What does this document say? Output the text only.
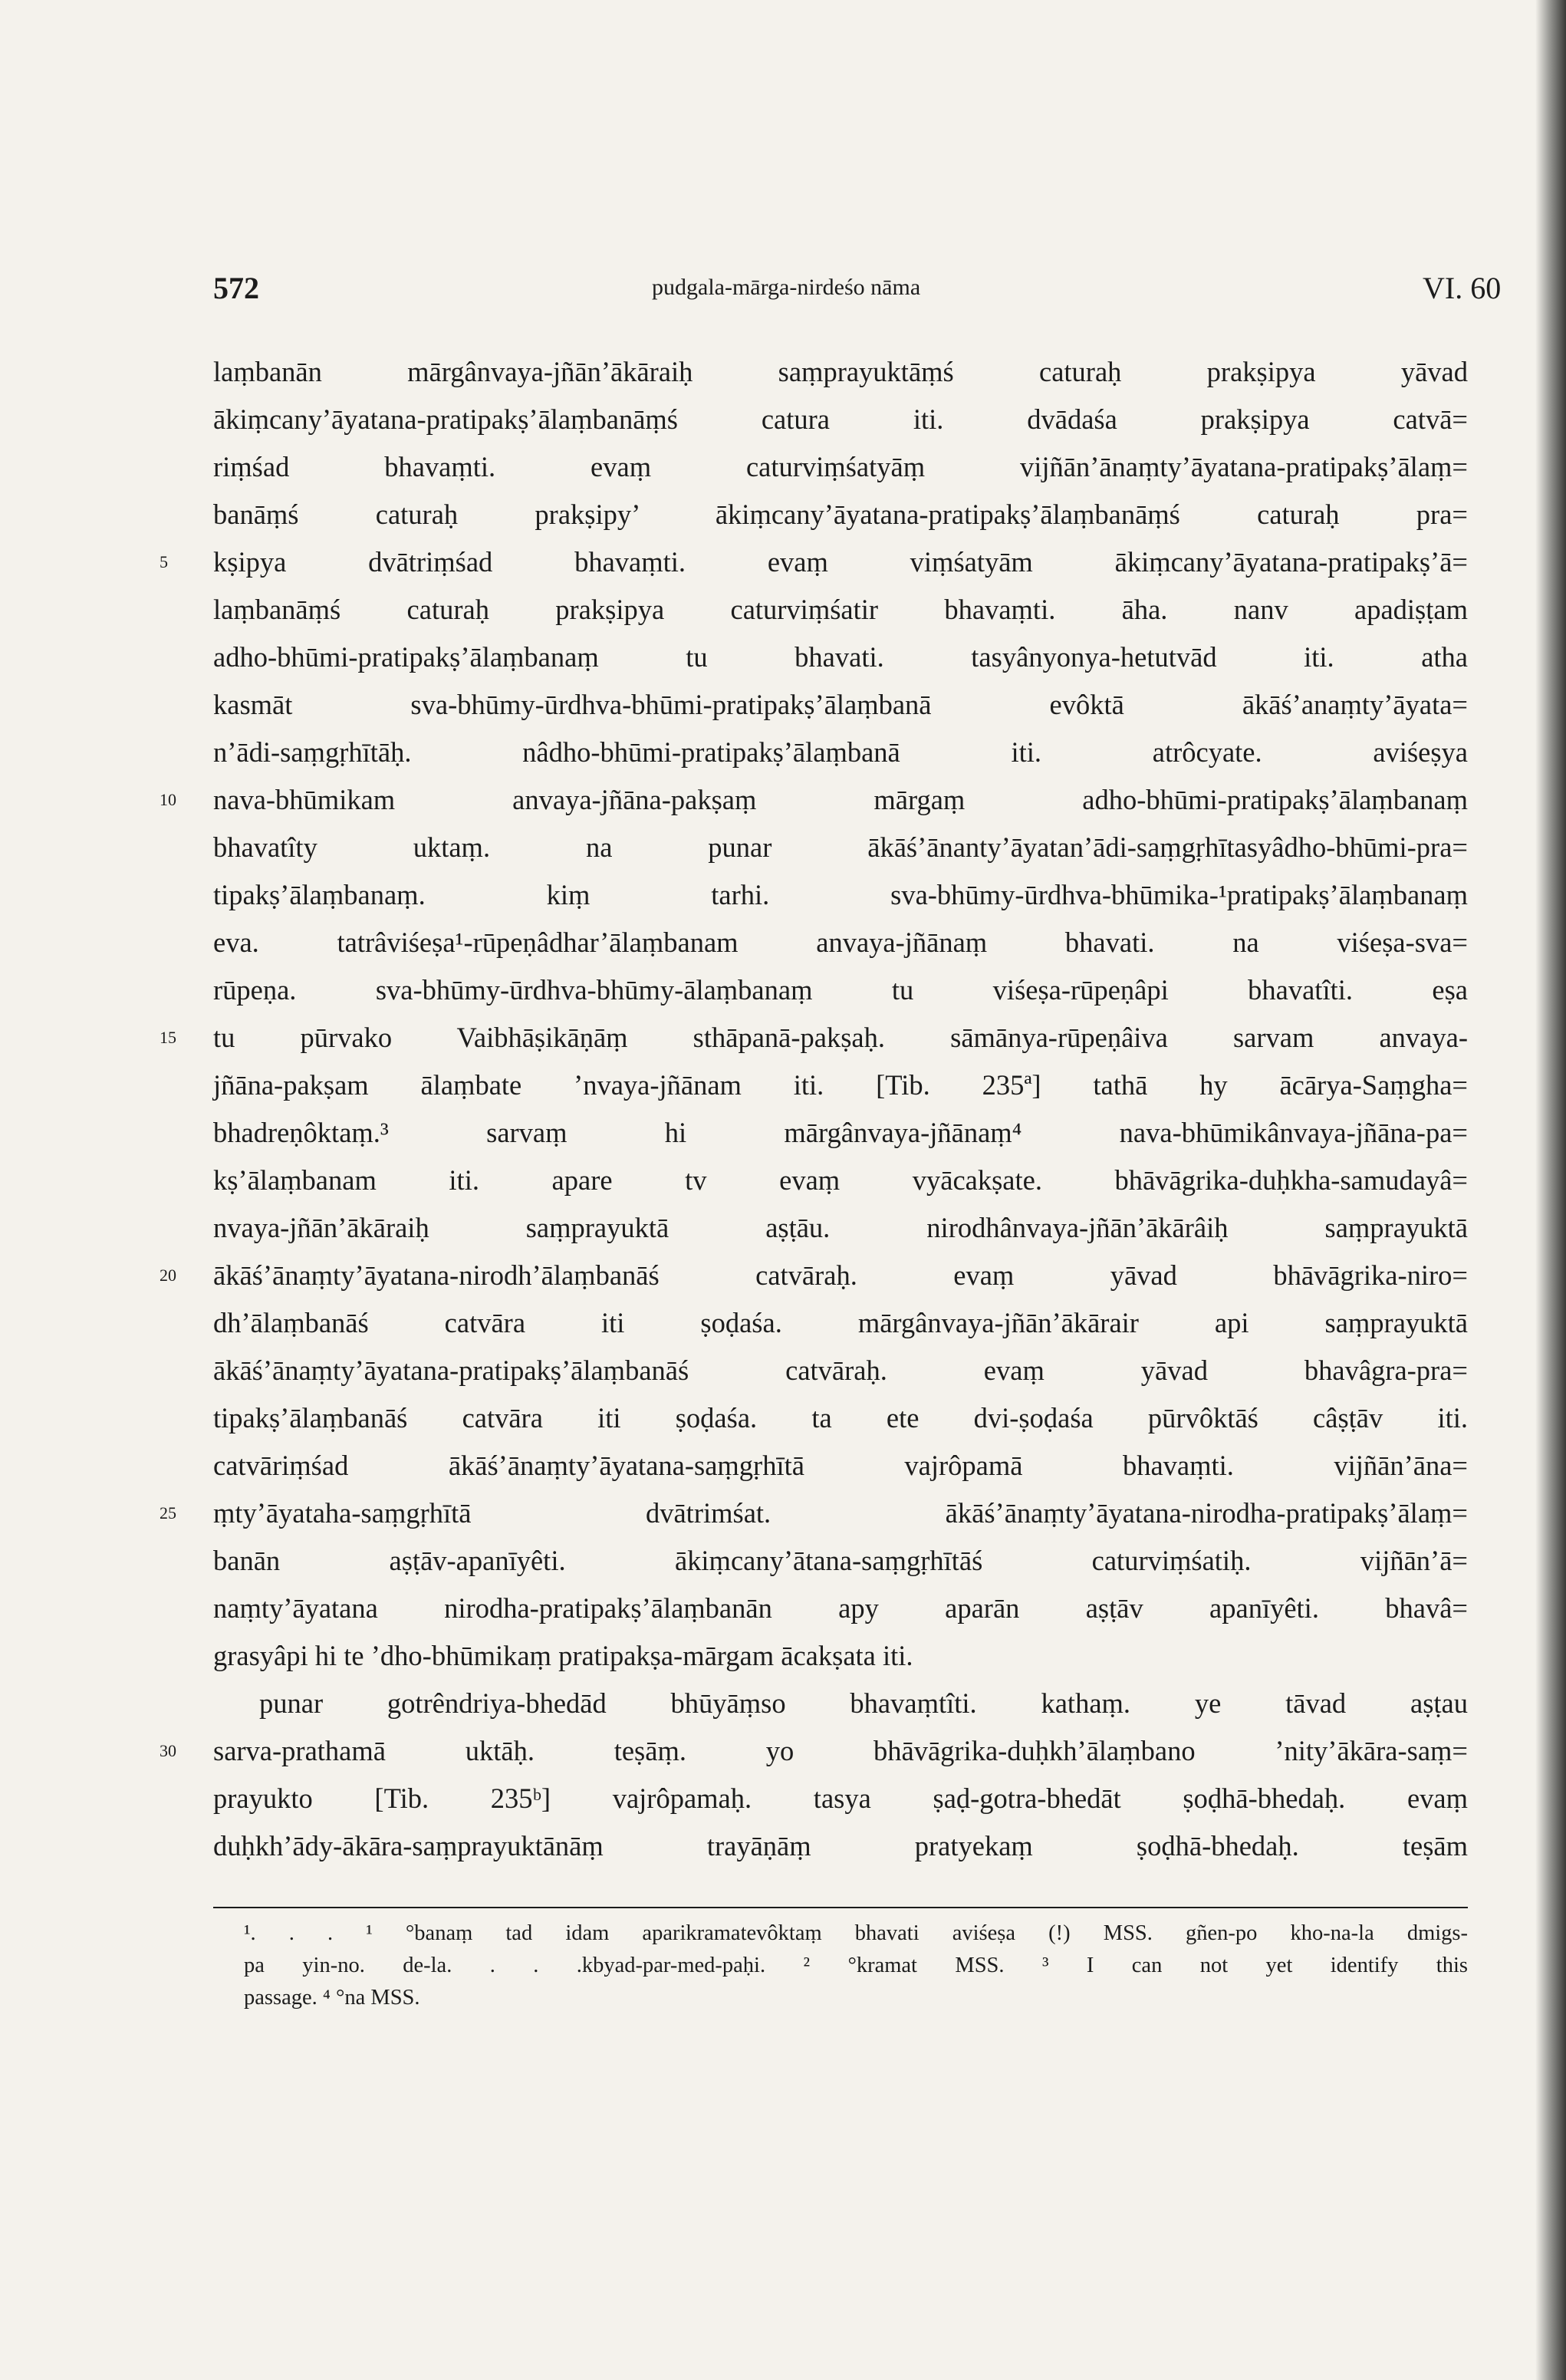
572	pudgala-mārga-nirdeśo nāma	VI. 60
laṃbanān mārgânvaya-jñān’ākāraiḥ saṃprayuktāṃś caturaḥ prakṣipya yāvad
ākiṃcany’āyatana-pratipakṣ’ālaṃbanāṃś catura iti. dvādaśa prakṣipya catvā=
riṃśad bhavaṃti. evaṃ caturviṃśatyāṃ vijñān’ānaṃty’āyatana-pratipakṣ’ālaṃ=
banāṃś caturaḥ prakṣipy’ ākiṃcany’āyatana-pratipakṣ’ālaṃbanāṃś caturaḥ pra=
5	kṣipya dvātriṃśad bhavaṃti. evaṃ viṃśatyām ākiṃcany’āyatana-pratipakṣ’ā=
laṃbanāṃś caturaḥ prakṣipya caturviṃśatir bhavaṃti. āha. nanv apadiṣṭam
adho-bhūmi-pratipakṣ’ālaṃbanaṃ tu bhavati. tasyânyonya-hetutvād iti. atha
kasmāt sva-bhūmy-ūrdhva-bhūmi-pratipakṣ’ālaṃbanā evôktā ākāś’anaṃty’āyata=
n’ādi-saṃgṛhītāḥ. nâdho-bhūmi-pratipakṣ’ālaṃbanā iti. atrôcyate. aviśeṣya
10	nava-bhūmikam anvaya-jñāna-pakṣaṃ mārgaṃ adho-bhūmi-pratipakṣ’ālaṃbanaṃ
bhavatîty uktaṃ. na punar ākāś’ānanty’āyatan’ādi-saṃgṛhītasyâdho-bhūmi-pra=
tipakṣ’ālaṃbanaṃ. kiṃ tarhi. sva-bhūmy-ūrdhva-bhūmika-¹pratipakṣ’ālaṃbanaṃ
eva. tatrâviśeṣa¹-rūpeṇâdhar’ālaṃbanam anvaya-jñānaṃ bhavati. na viśeṣa-sva=
rūpeṇa. sva-bhūmy-ūrdhva-bhūmy-ālaṃbanaṃ tu viśeṣa-rūpeṇâpi bhavatîti. eṣa
15	tu pūrvako Vaibhāṣikāṇāṃ sthāpanā-pakṣaḥ. sāmānya-rūpeṇâiva sarvam anvaya-
jñāna-pakṣam ālaṃbate ’nvaya-jñānam iti. [Tib. 235ª] tathā hy ācārya-Saṃgha=
bhadreṇôktaṃ.³ sarvaṃ hi mārgânvaya-jñānaṃ⁴ nava-bhūmikânvaya-jñāna-pa=
kṣ’ālaṃbanam iti. apare tv evaṃ vyācakṣate. bhāvāgrika-duḥkha-samudayâ=
nvaya-jñān’ākāraiḥ saṃprayuktā aṣṭāu. nirodhânvaya-jñān’ākārâiḥ saṃprayuktā
20	ākāś’ānaṃty’āyatana-nirodh’ālaṃbanāś catvāraḥ. evaṃ yāvad bhāvāgrika-niro=
dh’ālaṃbanāś catvāra iti ṣoḍaśa. mārgânvaya-jñān’ākārair api saṃprayuktā
ākāś’ānaṃty’āyatana-pratipakṣ’ālaṃbanāś catvāraḥ. evaṃ yāvad bhavâgra-pra=
tipakṣ’ālaṃbanāś catvāra iti ṣoḍaśa. ta ete dvi-ṣoḍaśa pūrvôktāś câṣṭāv iti.
catvāriṃśad ākāś’ānaṃty’āyatana-saṃgṛhītā vajrôpamā bhavaṃti. vijñān’āna=
25	ṃty’āyataha-saṃgṛhītā dvātrimśat. ākāś’ānaṃty’āyatana-nirodha-pratipakṣ’ālaṃ=
banān aṣṭāv-apanīyêti. ākiṃcany’ātana-saṃgṛhītāś caturviṃśatiḥ. vijñān’ā=
naṃty’āyatana nirodha-pratipakṣ’ālaṃbanān apy aparān aṣṭāv apanīyêti. bhavâ=
grasyâpi hi te ’dho-bhūmikaṃ pratipakṣa-mārgam ācakṣata iti.
punar gotrêndriya-bhedād bhūyāṃso bhavaṃtîti. kathaṃ. ye tāvad aṣṭau
30	sarva-prathamā uktāḥ. teṣāṃ. yo bhāvāgrika-duḥkh’ālaṃbano ’nity’ākāra-saṃ=
prayukto [Tib. 235ᵇ] vajrôpamaḥ. tasya ṣaḍ-gotra-bhedāt ṣoḍhā-bhedaḥ. evaṃ
duḥkh’ādy-ākāra-saṃprayuktānāṃ trayāṇāṃ pratyekaṃ ṣoḍhā-bhedaḥ. teṣām
¹. . . ¹ °banaṃ tad idam aparikramatevôktaṃ bhavati aviśeṣa (!) MSS. gñen-po kho-na-la dmigs-
pa yin-no. de-la. . . .kbyad-par-med-paḥi. ² °kramat MSS. ³ I can not yet identify this
passage. ⁴ °na MSS.
